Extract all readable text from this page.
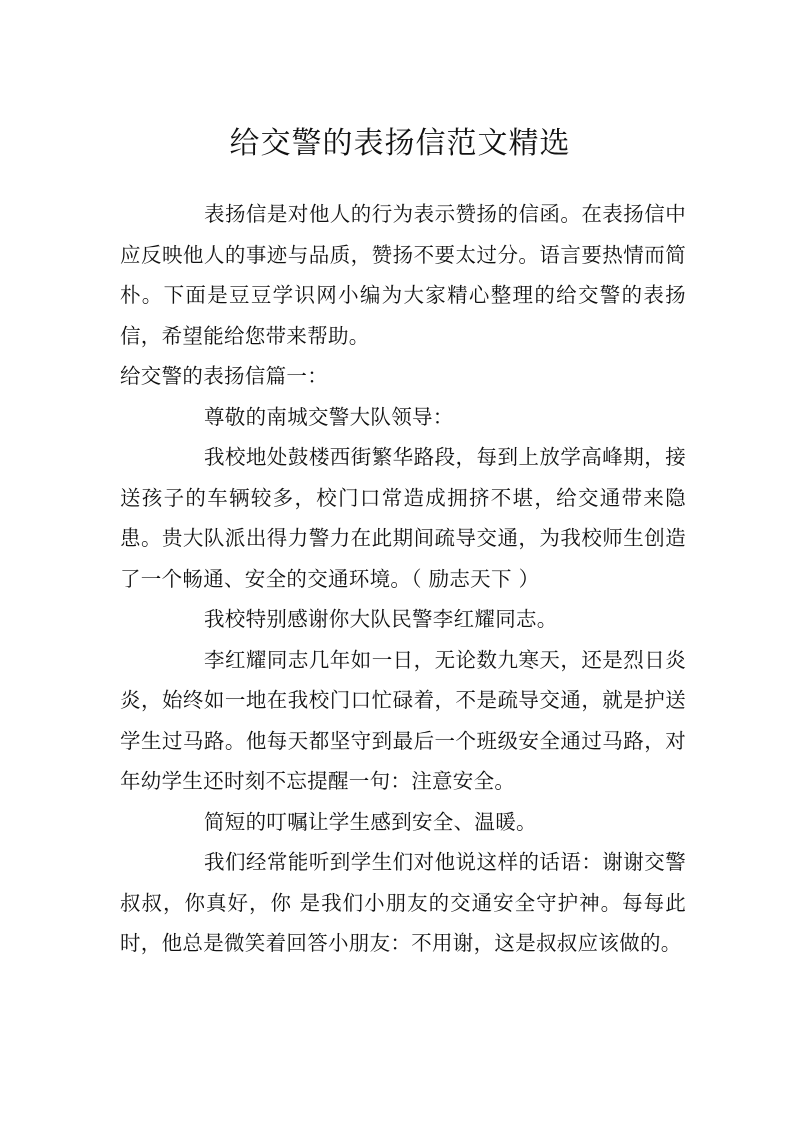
给交警的表扬信范文精选

表扬信是对他人的行为表示赞扬的信函。在表扬信中应反映他人的事迹与品质，赞扬不要太过分。语言要热情而简朴。下面是豆豆学识网小编为大家精心整理的给交警的表扬信，希望能给您带来帮助。

给交警的表扬信篇一：

尊敬的南城交警大队领导：

我校地处鼓楼西街繁华路段，每到上放学高峰期，接送孩子的车辆较多，校门口常造成拥挤不堪，给交通带来隐患。贵大队派出得力警力在此期间疏导交通，为我校师生创造了一个畅通、安全的交通环境。（ 励志天下 ）

我校特别感谢你大队民警李红耀同志。

李红耀同志几年如一日，无论数九寒天，还是烈日炎炎，始终如一地在我校门口忙碌着，不是疏导交通，就是护送学生过马路。他每天都坚守到最后一个班级安全通过马路，对年幼学生还时刻不忘提醒一句：注意安全。

简短的叮嘱让学生感到安全、温暖。

我们经常能听到学生们对他说这样的话语：谢谢交警叔叔，你真好，你 是我们小朋友的交通安全守护神。每每此时，他总是微笑着回答小朋友：不用谢，这是叔叔应该做的。
